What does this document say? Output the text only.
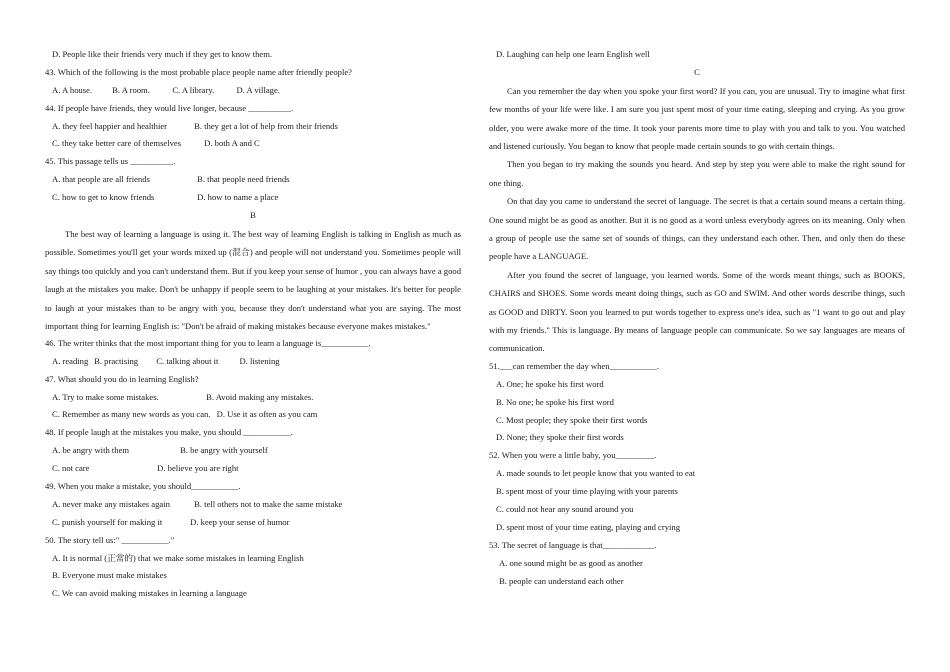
D. People like their friends very much if they get to know them.
43. Which of the following is the most probable place people name after friendly people?
A. A house. B. A room.	C. A library.	D. A village.
44. If people have friends, they would live longer, because __________.
A. they feel happier and healthier	B. they get a lot of help from their friends
C. they take better care of themselves	D. both A and C
45. This passage tells us __________.
A. that people are all friends	B. that people need friends
C. how to get to know friends	D. how to name a place
B

The best way of learning a language is using it. The best way of learning English is talking in English as much as possible. Sometimes you'll get your words mixed up (混合) and people will not understand you. Sometimes people will say things too quickly and you can't understand them. But if you keep your sense of humor , you can always have a good laugh at the mistakes you make. Don't be unhappy if people seem to be laughing at your mistakes. It's better for people to laugh at your mistakes than to be angry with you, because they don't understand what you are saying. The most important thing for learning English is: "Don't be afraid of making mistakes because everyone makes mistakes."

46. The writer thinks that the most important thing for you to learn a language is___________.
A. reading B. practising C. talking about it D. listening
47. What should you do in learning English?
A. Try to make some mistakes.	B. Avoid making any mistakes.
C. Remember as many new words as you can. D. Use it as often as you cam
48. If people laugh at the mistakes you make, you should ___________.
A. be angry with them	B. be angry with yourself
C. not care	D. believe you are right
49. When you make a mistake, you should___________.
A. never make any mistakes again	B. tell others not to make the same mistake
C. punish yourself for making it	D. keep your sense of humor
50. The story tell us:" ___________."
A. It is normal (正常的) that we make some mistakes in learning English
B. Everyone must make mistakes
C. We can avoid making mistakes in learning a language
D. Laughing can help one learn English well
C

Can you remember the day when you spoke your first word? If you can, you are unusual. Try to imagine what first few months of your life were like. I am sure you just spent most of your time eating, sleeping and crying. As you grow older, you were awake more of the time. It took your parents more time to play with you and talk to you. You watched and listened curiously. You began to know that people made certain sounds to go with certain things.

Then you began to try making the sounds you heard. And step by step you were able to make the right sound for one thing.

On that day you came to understand the secret of language. The secret is that a certain sound means a certain thing. One sound might be as good as another. But it is no good as a word unless everybody agrees on its meaning. Only when a group of people use the same set of sounds of things, can they understand each other. Then, and only then do these people have a LANGUAGE.

After you found the secret of language, you learned words. Some of the words meant things, such as BOOKS, CHAIRS and SHOES. Some words meant doing things, such as GO and SWIM. And other words describe things, such as GOOD and DIRTY. Soon you learned to put words together to express one's idea, such as "1 want to go out and play with my friends." This is language. By means of language people can communicate. So we say languages are means of communication.

51.___can remember the day when___________.
A. One; he spoke his first word
B. No one; he spoke his first word
C. Most people; they spoke their first words
D. None; they spoke their first words
52. When you were a little baby, you_________.
A. made sounds to let people know that you wanted to eat
B. spent most of your time playing with your parents
C. could not hear any sound around you
D. spent most of your time eating, playing and crying
53. The secret of language is that____________.
A. one sound might be as good as another
B. people can understand each other
